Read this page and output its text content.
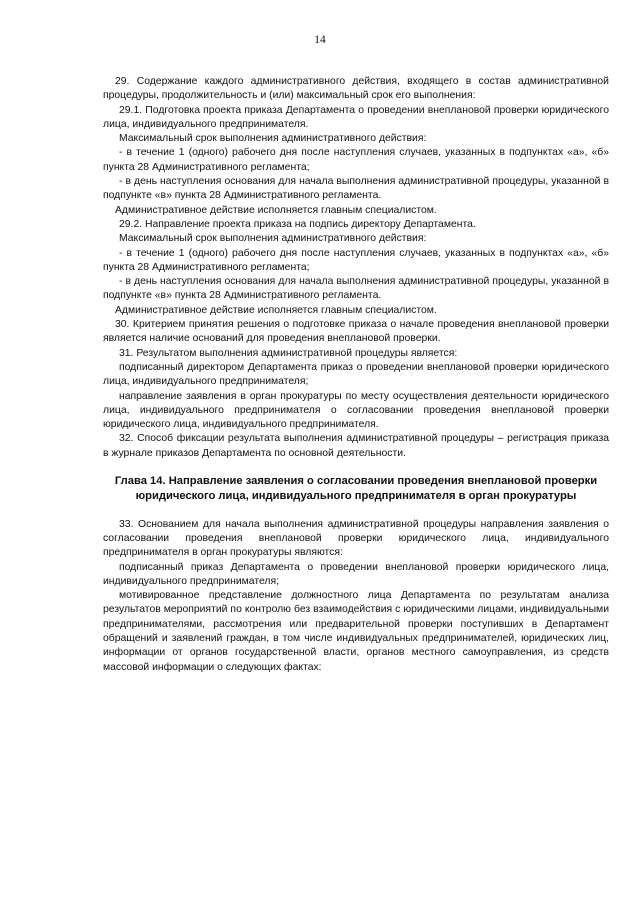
14

29. Содержание каждого административного действия, входящего в состав административной процедуры, продолжительность и (или) максимальный срок его выполнения:

29.1. Подготовка проекта приказа Департамента о проведении внеплановой проверки юридического лица, индивидуального предпринимателя.

Максимальный срок выполнения административного действия:

- в течение 1 (одного) рабочего дня после наступления случаев, указанных в подпунктах «а», «б» пункта 28 Административного регламента;

- в день наступления основания для начала выполнения административной процедуры, указанной в подпункте «в» пункта 28 Административного регламента.

Административное действие исполняется главным специалистом.

29.2. Направление проекта приказа на подпись директору Департамента.

Максимальный срок выполнения административного действия:

- в течение 1 (одного) рабочего дня после наступления случаев, указанных в подпунктах «а», «б» пункта 28 Административного регламента;

- в день наступления основания для начала выполнения административной процедуры, указанной в подпункте «в» пункта 28 Административного регламента.

Административное действие исполняется главным специалистом.

30. Критерием принятия решения о подготовке приказа о начале проведения внеплановой проверки является наличие оснований для проведения внеплановой проверки.

31. Результатом выполнения административной процедуры является:

подписанный директором Департамента приказ о проведении внеплановой проверки юридического лица, индивидуального предпринимателя;

направление заявления в орган прокуратуры по месту осуществления деятельности юридического лица, индивидуального предпринимателя о согласовании проведения внеплановой проверки юридического лица, индивидуального предпринимателя.

32. Способ фиксации результата выполнения административной процедуры – регистрация приказа в журнале приказов Департамента по основной деятельности.

Глава 14. Направление заявления о согласовании проведения внеплановой проверки юридического лица, индивидуального предпринимателя в орган прокуратуры

33. Основанием для начала выполнения административной процедуры направления заявления о согласовании проведения внеплановой проверки юридического лица, индивидуального предпринимателя в орган прокуратуры являются:

подписанный приказ Департамента о проведении внеплановой проверки юридического лица, индивидуального предпринимателя;

мотивированное представление должностного лица Департамента по результатам анализа результатов мероприятий по контролю без взаимодействия с юридическими лицами, индивидуальными предпринимателями, рассмотрения или предварительной проверки поступивших в Департамент обращений и заявлений граждан, в том числе индивидуальных предпринимателей, юридических лиц, информации от органов государственной власти, органов местного самоуправления, из средств массовой информации о следующих фактах:
